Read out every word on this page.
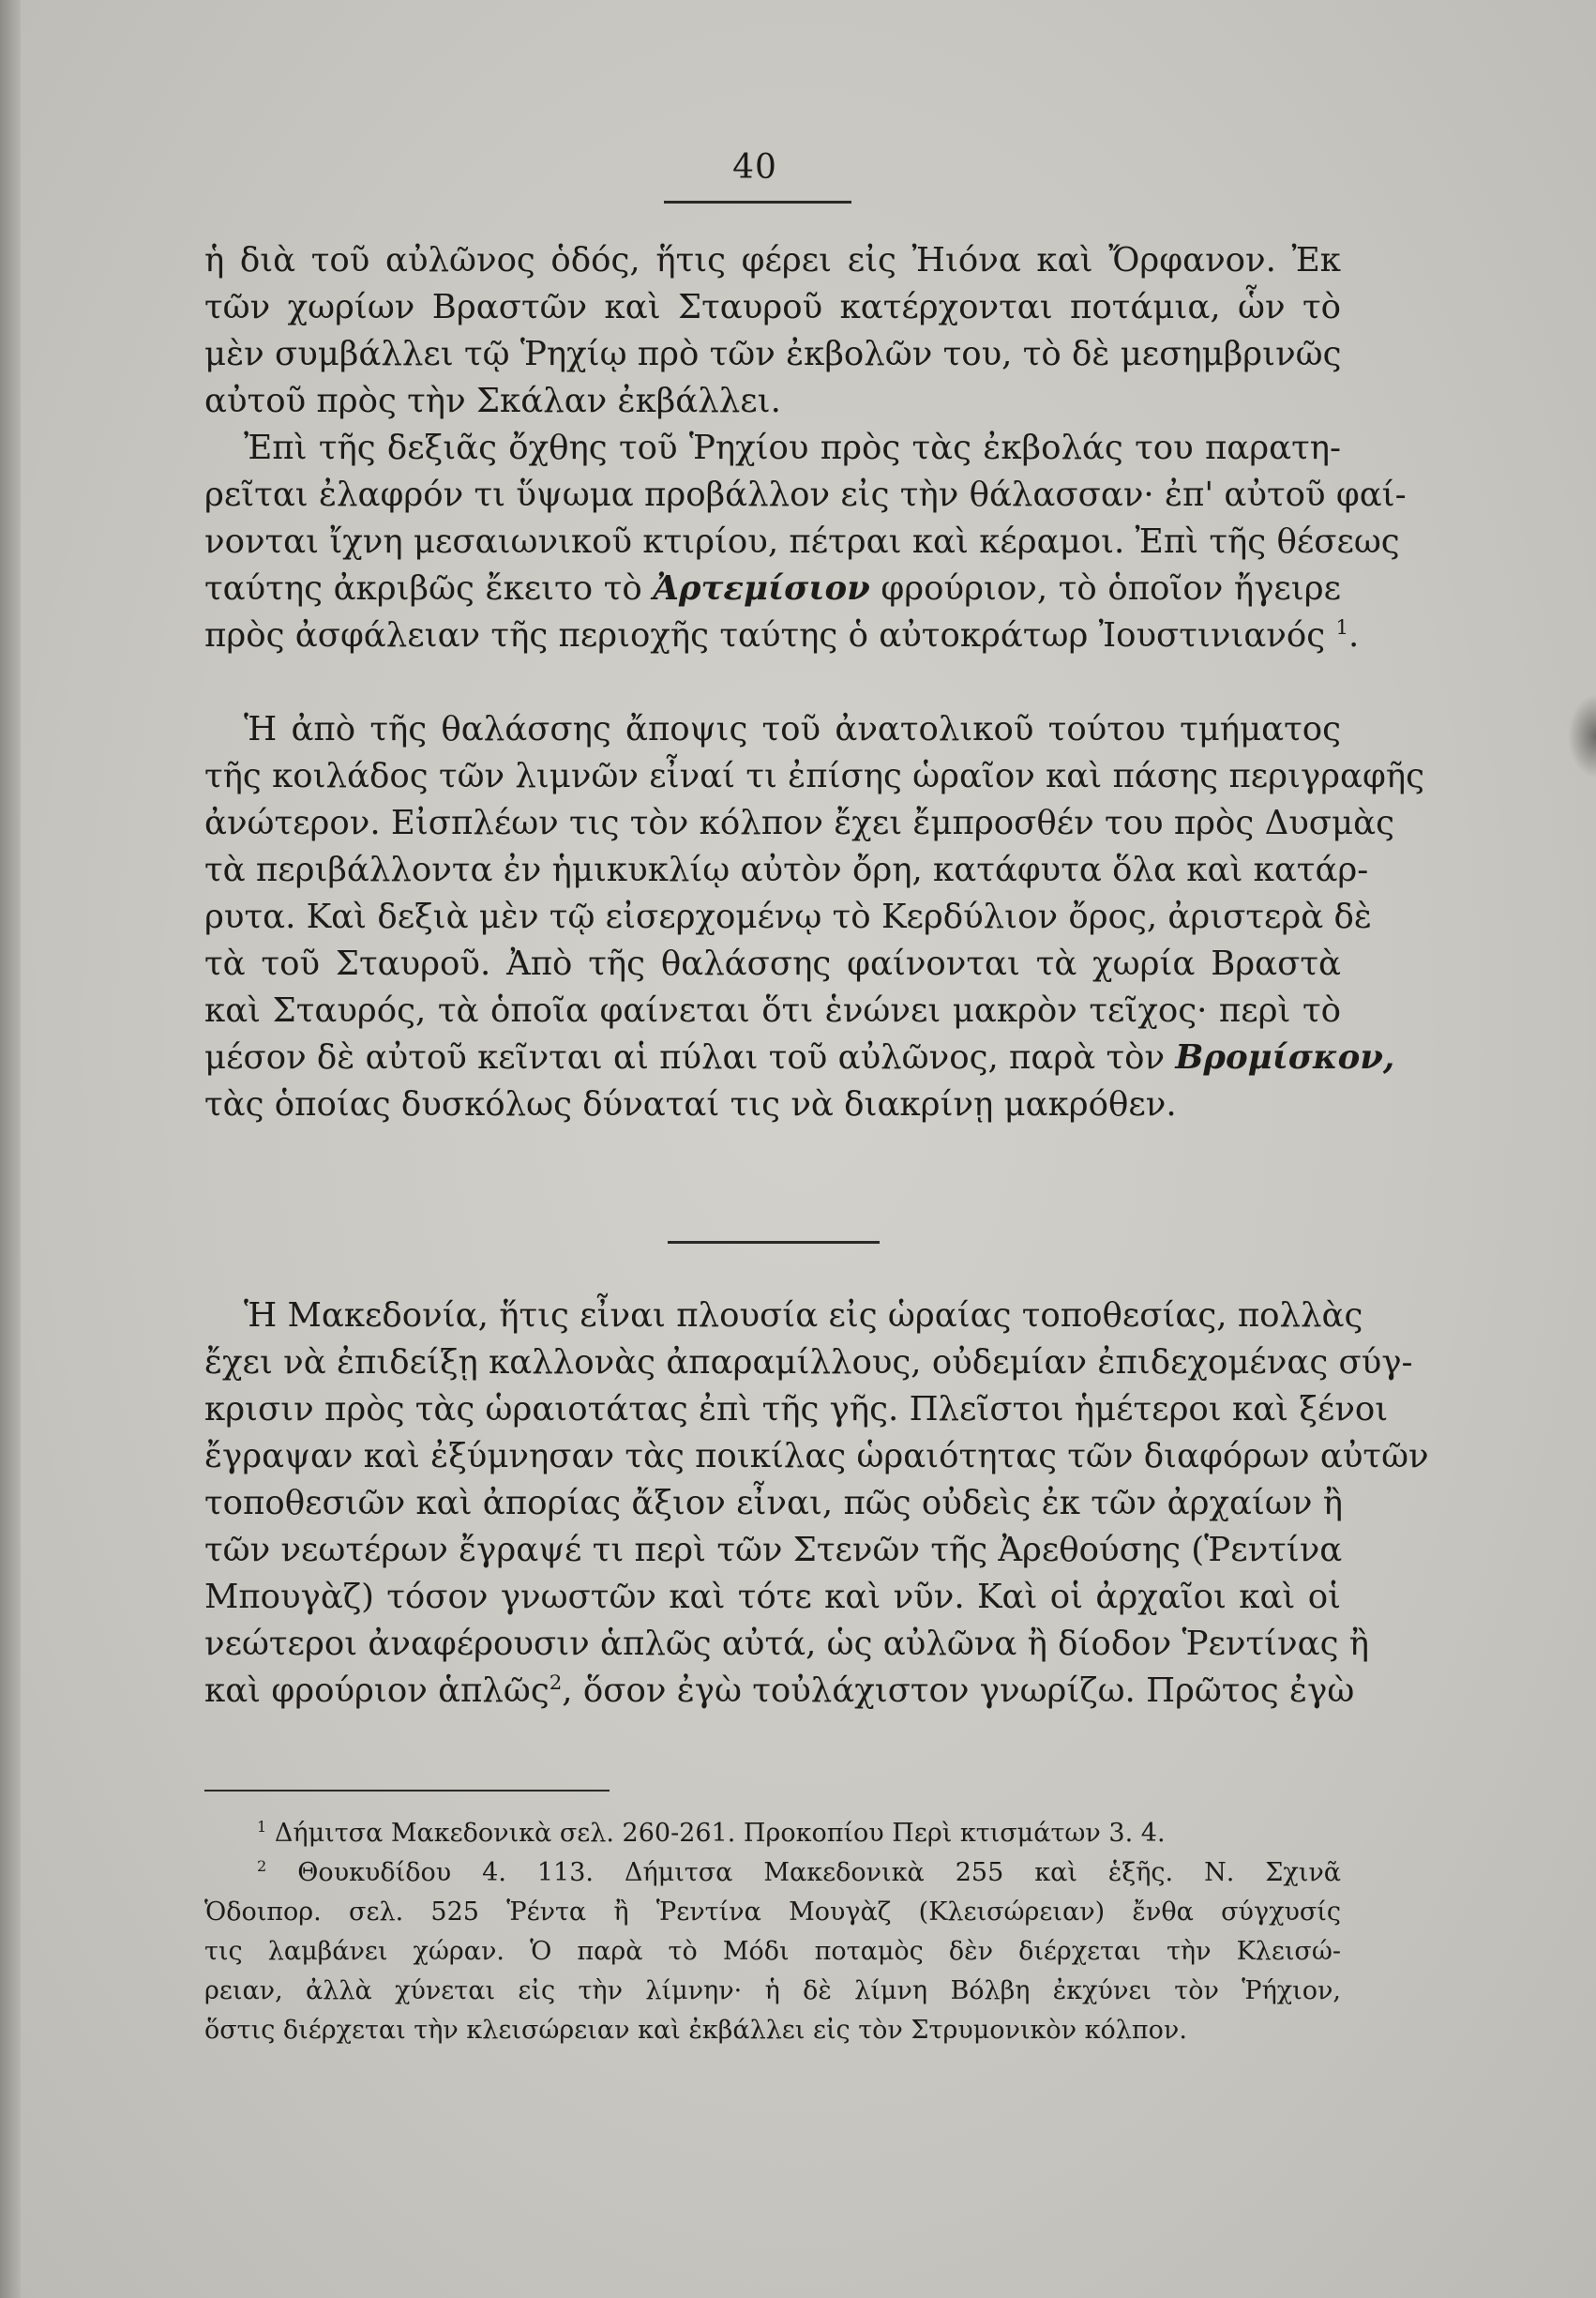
40
ἡ διὰ τοῦ αὐλῶνος ὁδός, ἥτις φέρει εἰς Ἠιόνα καὶ Ὄρφανον. Ἐκ
τῶν χωρίων Βραστῶν καὶ Σταυροῦ κατέρχονται ποτάμια, ὧν τὸ
μὲν συμβάλλει τῷ Ῥηχίῳ πρὸ τῶν ἐκβολῶν του, τὸ δὲ μεσημβρινῶς
αὐτοῦ πρὸς τὴν Σκάλαν ἐκβάλλει.
Ἐπὶ τῆς δεξιᾶς ὄχθης τοῦ Ῥηχίου πρὸς τὰς ἐκβολάς του παρατη-
ρεῖται ἐλαφρόν τι ὕψωμα προβάλλον εἰς τὴν θάλασσαν· ἐπ' αὐτοῦ φαί-
νονται ἴχνη μεσαιωνικοῦ κτιρίου, πέτραι καὶ κέραμοι. Ἐπὶ τῆς θέσεως
ταύτης ἀκριβῶς ἔκειτο τὸ Ἀρτεμίσιον φρούριον, τὸ ὁποῖον ἤγειρε
πρὸς ἀσφάλειαν τῆς περιοχῆς ταύτης ὁ αὐτοκράτωρ Ἰουστινιανός $^1$.
Ἡ ἀπὸ τῆς θαλάσσης ἄποψις τοῦ ἀνατολικοῦ τούτου τμήματος
τῆς κοιλάδος τῶν λιμνῶν εἶναί τι ἐπίσης ὡραῖον καὶ πάσης περιγραφῆς
ἀνώτερον. Εἰσπλέων τις τὸν κόλπον ἔχει ἔμπροσθέν του πρὸς Δυσμὰς
τὰ περιβάλλοντα ἐν ἡμικυκλίῳ αὐτὸν ὄρη, κατάφυτα ὅλα καὶ κατάρ-
ρυτα. Καὶ δεξιὰ μὲν τῷ εἰσερχομένῳ τὸ Κερδύλιον ὄρος, ἀριστερὰ δὲ
τὰ τοῦ Σταυροῦ. Ἀπὸ τῆς θαλάσσης φαίνονται τὰ χωρία Βραστὰ
καὶ Σταυρός, τὰ ὁποῖα φαίνεται ὅτι ἑνώνει μακρὸν τεῖχος· περὶ τὸ
μέσον δὲ αὐτοῦ κεῖνται αἱ πύλαι τοῦ αὐλῶνος, παρὰ τὸν Βρομίσκον,
τὰς ὁποίας δυσκόλως δύναταί τις νὰ διακρίνῃ μακρόθεν.
Ἡ Μακεδονία, ἥτις εἶναι πλουσία εἰς ὡραίας τοποθεσίας, πολλὰς
ἔχει νὰ ἐπιδείξῃ καλλονὰς ἀπαραμίλλους, οὐδεμίαν ἐπιδεχομένας σύγ-
κρισιν πρὸς τὰς ὡραιοτάτας ἐπὶ τῆς γῆς. Πλεῖστοι ἡμέτεροι καὶ ξένοι
ἔγραψαν καὶ ἐξύμνησαν τὰς ποικίλας ὡραιότητας τῶν διαφόρων αὐτῶν
τοποθεσιῶν καὶ ἀπορίας ἄξιον εἶναι, πῶς οὐδεὶς ἐκ τῶν ἀρχαίων ἢ
τῶν νεωτέρων ἔγραψέ τι περὶ τῶν Στενῶν τῆς Ἀρεθούσης (Ῥεντίνα
Μπουγὰζ) τόσον γνωστῶν καὶ τότε καὶ νῦν. Καὶ οἱ ἀρχαῖοι καὶ οἱ
νεώτεροι ἀναφέρουσιν ἁπλῶς αὐτά, ὡς αὐλῶνα ἢ δίοδον Ῥεντίνας ἢ
καὶ φρούριον ἁπλῶς$^2$, ὅσον ἐγὼ τοὐλάχιστον γνωρίζω. Πρῶτος ἐγὼ
$^1$ Δήμιτσα Μακεδονικὰ σελ. 260-261. Προκοπίου Περὶ κτισμάτων 3. 4.
$^2$ Θουκυδίδου 4. 113. Δήμιτσα Μακεδονικὰ 255 καὶ ἑξῆς. Ν. Σχινᾶ
Ὁδοιπορ. σελ. 525 Ῥέντα ἢ Ῥεντίνα Μουγὰζ (Κλεισώρειαν) ἔνθα σύγχυσίς
τις λαμβάνει χώραν. Ὁ παρὰ τὸ Μόδι ποταμὸς δὲν διέρχεται τὴν Κλεισώ-
ρειαν, ἀλλὰ χύνεται εἰς τὴν λίμνην· ἡ δὲ λίμνη Βόλβη ἐκχύνει τὸν Ῥήχιον,
ὅστις διέρχεται τὴν κλεισώρειαν καὶ ἐκβάλλει εἰς τὸν Στρυμονικὸν κόλπον.
